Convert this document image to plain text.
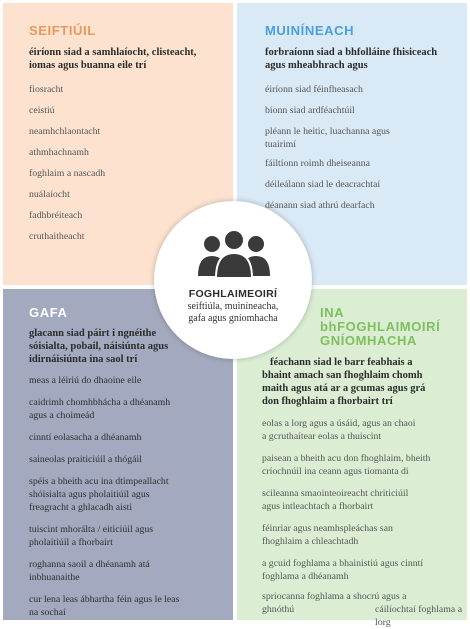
SEIFTIÚIL
éiríonn siad a samhlaíocht, clisteacht,
iomas agus buanna eile trí
fiosracht
ceistiú
neamhchlaontacht
athmhachnamh
foghlaim a nascadh
nuálaíocht
fadhbréiteach
cruthaitheacht
MUINÍNEACH
forbraíonn siad a bhfolláine fhisiceach
agus mheabhrach agus
éiríonn siad féinfheasach
bíonn siad ardféachtúil
pléann le heitic, luachanna agus
tuairimí
fáiltíonn roimh dheiseanna
déileálann siad le deacrachtaí
déanann siad athrú dearfach
GAFA
glacann siad páirt i ngnéithe
sóisialta, pobail, náisiúnta agus
idirnáisiúnta ina saol trí
meas a léiriú do dhaoine eile
caidrimh chomhbhácha a dhéanamh
agus a choimeád
cinntí eolasacha a dhéanamh
saineolas praiticiúil a thógáil
spéis a bheith acu ina dtimpeallacht
shóisialta agus pholaitiúil agus
freagracht a ghlacadh aisti
tuiscint mhorálta / eiticiúil agus
pholaitiúil a fhorbairt
roghanna saoil a dhéanamh atá
inbhuanaithe
cur lena leas ábhartha féin agus le leas
na sochaí
INA
bhFOGHLAIMOIRÍ
GNÍOMHACHA
féachann siad le barr feabhais a
bhaint amach san fhoghlaim chomh
maith agus atá ar a gcumas agus grá
don fhoghlaim a fhorbairt trí
eolas a lorg agus a úsáid, agus an chaoi
a gcruthaítear eolas a thuiscint
paisean a bheith acu don fhoghlaim, bheith
críochnúil ina ceann agus tiomanta di
scileanna smaointeoireacht chriticiúil
agus intleachtach a fhorbairt
féinriar agus neamhspleáchas san
fhoghlaim a chleachtadh
a gcuid foghlama a bhainistiú agus cinntí
foghlama a dhéanamh
spriocanna foghlama a shocrú agus a
ghnóthú	cáilíochtaí foghlama a lorg
FOGHLAIMEOIRÍ
seiftiúla, muiníneacha,
gafa agus gníomhacha
